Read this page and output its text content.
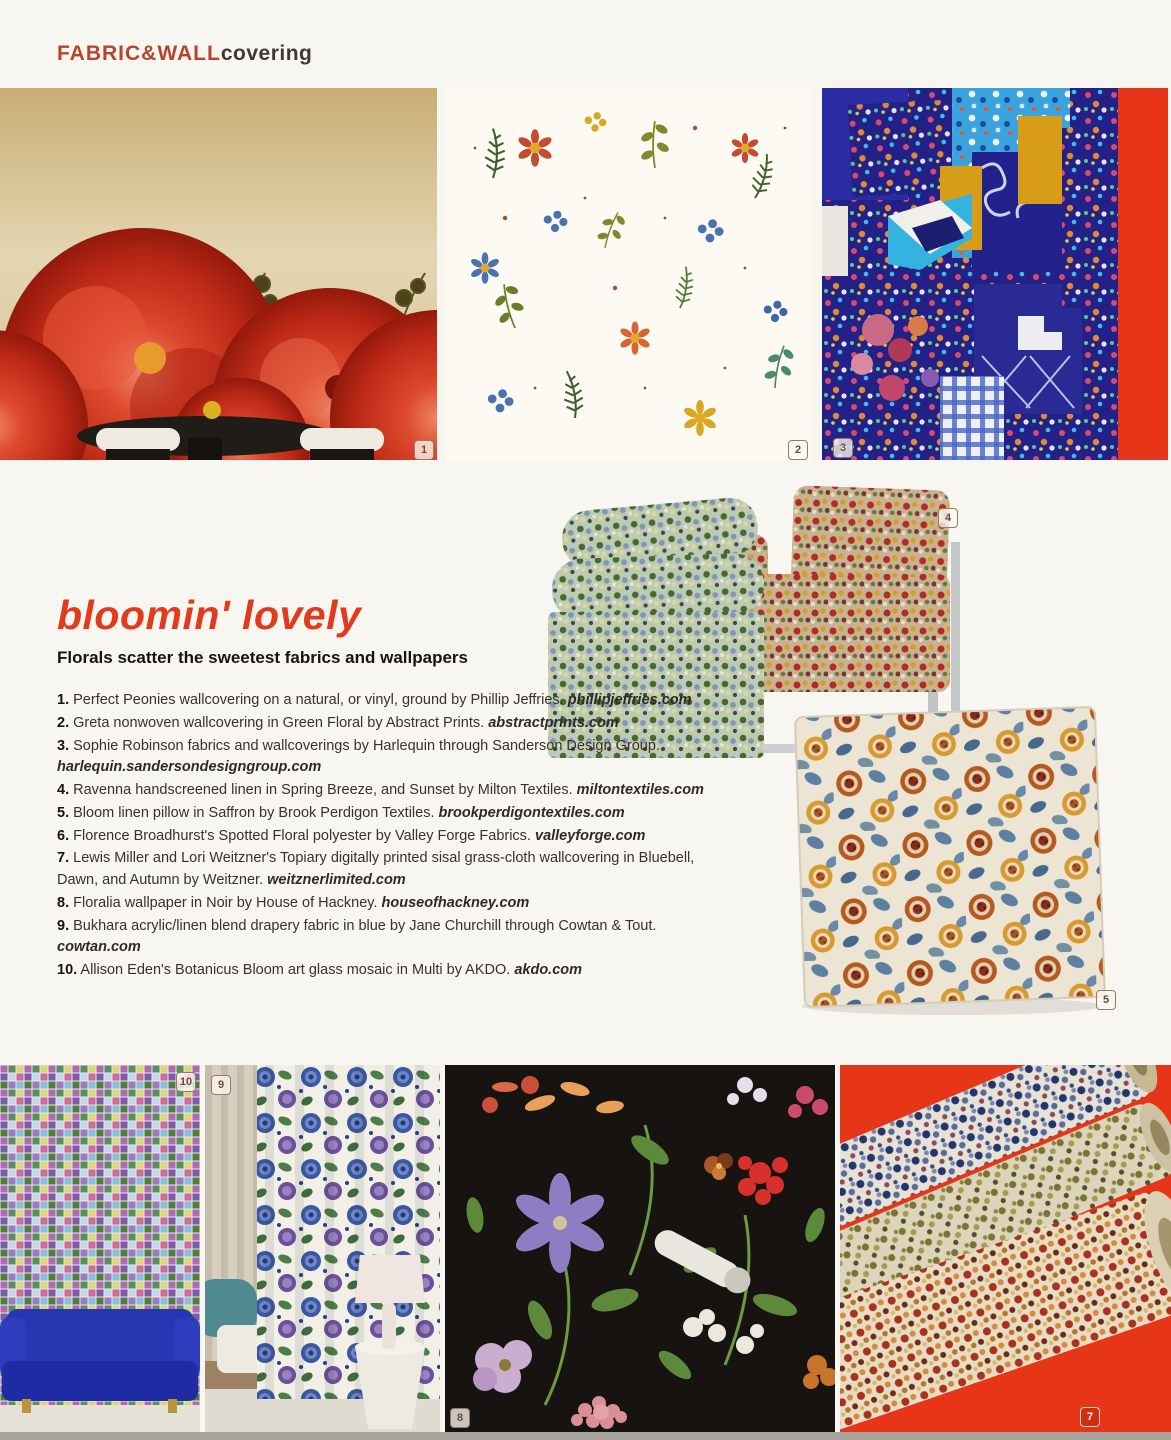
FABRIC&WALLcovering
bloomin' lovely
Florals scatter the sweetest fabrics and wallpapers
1. Perfect Peonies wallcovering on a natural, or vinyl, ground by Phillip Jeffries. phillipjeffries.com
2. Greta nonwoven wallcovering in Green Floral by Abstract Prints. abstractprints.com
3. Sophie Robinson fabrics and wallcoverings by Harlequin through Sanderson Design Group. harlequin.sandersondesigngroup.com
4. Ravenna handscreened linen in Spring Breeze, and Sunset by Milton Textiles. miltontextiles.com
5. Bloom linen pillow in Saffron by Brook Perdigon Textiles. brookperdigontextiles.com
6. Florence Broadhurst's Spotted Floral polyester by Valley Forge Fabrics. valleyforge.com
7. Lewis Miller and Lori Weitzner's Topiary digitally printed sisal grass-cloth wallcovering in Bluebell, Dawn, and Autumn by Weitzner. weitznerlimited.com
8. Floralia wallpaper in Noir by House of Hackney. houseofhackney.com
9. Bukhara acrylic/linen blend drapery fabric in blue by Jane Churchill through Cowtan & Tout. cowtan.com
10. Allison Eden's Botanicus Bloom art glass mosaic in Multi by AKDO. akdo.com
1	2	3
4
5
7
8
9
10
